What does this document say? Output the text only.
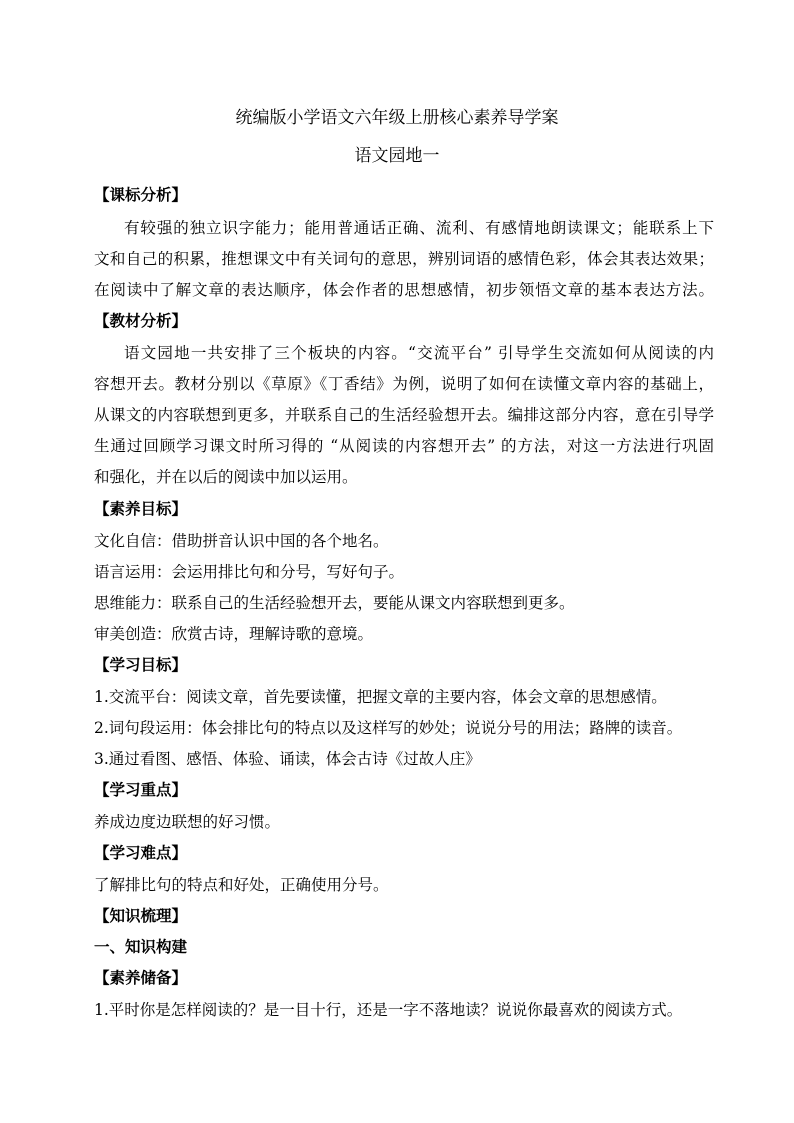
统编版小学语文六年级上册核心素养导学案
语文园地一
【课标分析】
有较强的独立识字能力；能用普通话正确、流利、有感情地朗读课文；能联系上下
文和自己的积累，推想课文中有关词句的意思，辨别词语的感情色彩，体会其表达效果；
在阅读中了解文章的表达顺序，体会作者的思想感情，初步领悟文章的基本表达方法。
【教材分析】
语文园地一共安排了三个板块的内容。“交流平台” 引导学生交流如何从阅读的内
容想开去。教材分别以《草原》《丁香结》为例，说明了如何在读懂文章内容的基础上，
从课文的内容联想到更多，并联系自己的生活经验想开去。编排这部分内容，意在引导学
生通过回顾学习课文时所习得的 “从阅读的内容想开去” 的方法，对这一方法进行巩固
和强化，并在以后的阅读中加以运用。
【素养目标】
文化自信：借助拼音认识中国的各个地名。
语言运用：会运用排比句和分号，写好句子。
思维能力：联系自己的生活经验想开去，要能从课文内容联想到更多。
审美创造：欣赏古诗，理解诗歌的意境。
【学习目标】
1.交流平台：阅读文章，首先要读懂，把握文章的主要内容，体会文章的思想感情。
2.词句段运用：体会排比句的特点以及这样写的妙处；说说分号的用法；路牌的读音。
3.通过看图、感悟、体验、诵读，体会古诗《过故人庄》
【学习重点】
养成边度边联想的好习惯。
【学习难点】
了解排比句的特点和好处，正确使用分号。
【知识梳理】
一、知识构建
【素养储备】
1.平时你是怎样阅读的？是一目十行，还是一字不落地读？说说你最喜欢的阅读方式。
